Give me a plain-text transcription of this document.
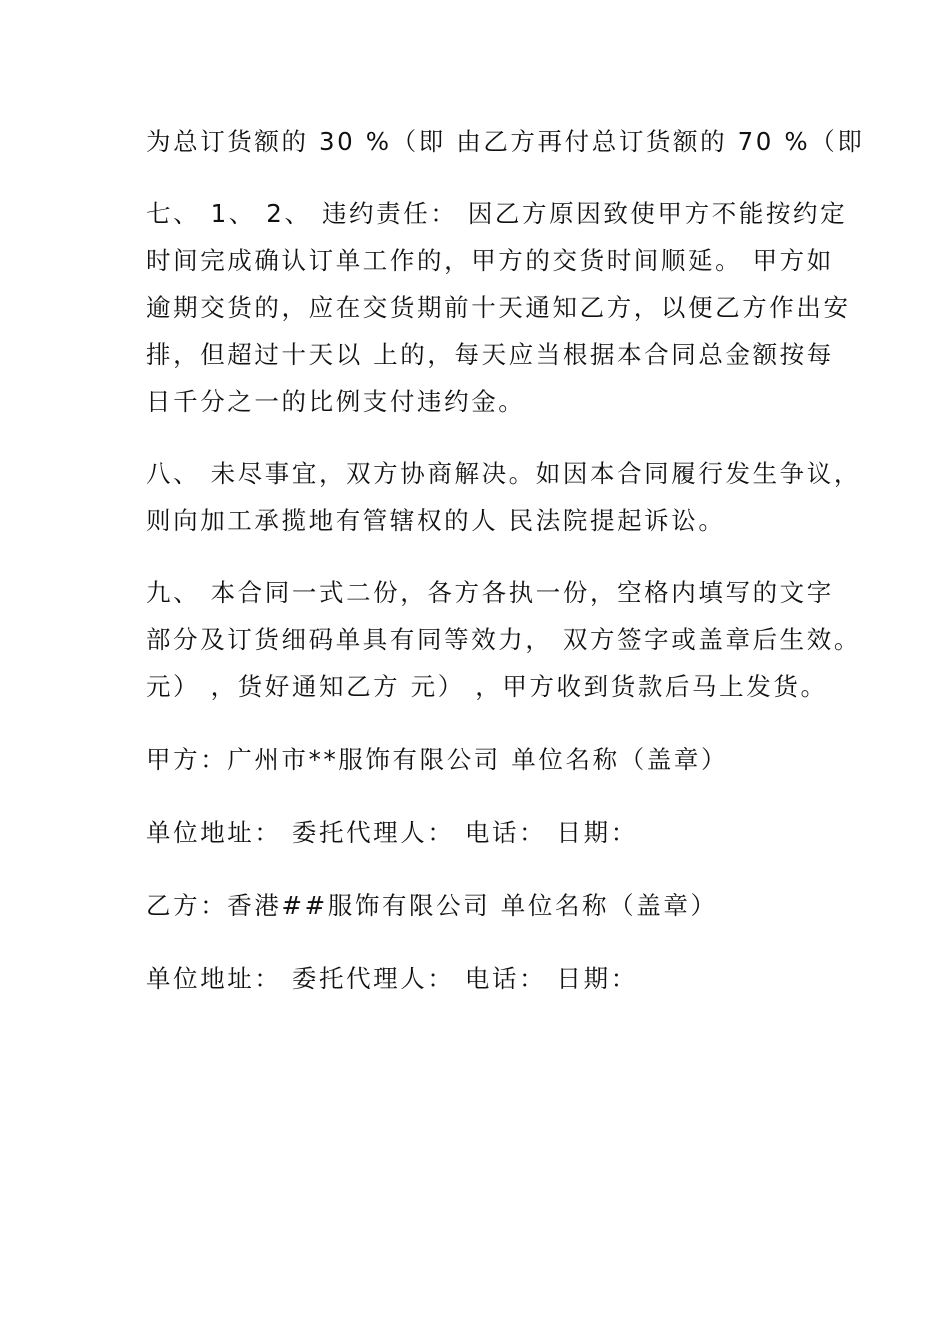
为总订货额的 30 %（即 由乙方再付总订货额的 70 %（即

七、 1、 2、 违约责任： 因乙方原因致使甲方不能按约定
时间完成确认订单工作的，甲方的交货时间顺延。 甲方如
逾期交货的，应在交货期前十天通知乙方，以便乙方作出安
排，但超过十天以 上的，每天应当根据本合同总金额按每
日千分之一的比例支付违约金。

八、 未尽事宜，双方协商解决。如因本合同履行发生争议，
则向加工承揽地有管辖权的人 民法院提起诉讼。

九、 本合同一式二份，各方各执一份，空格内填写的文字
部分及订货细码单具有同等效力， 双方签字或盖章后生效。
元） ，货好通知乙方 元） ，甲方收到货款后马上发货。

甲方：广州市**服饰有限公司 单位名称（盖章）

单位地址： 委托代理人： 电话： 日期：

乙方：香港##服饰有限公司 单位名称（盖章）

单位地址： 委托代理人： 电话： 日期：
